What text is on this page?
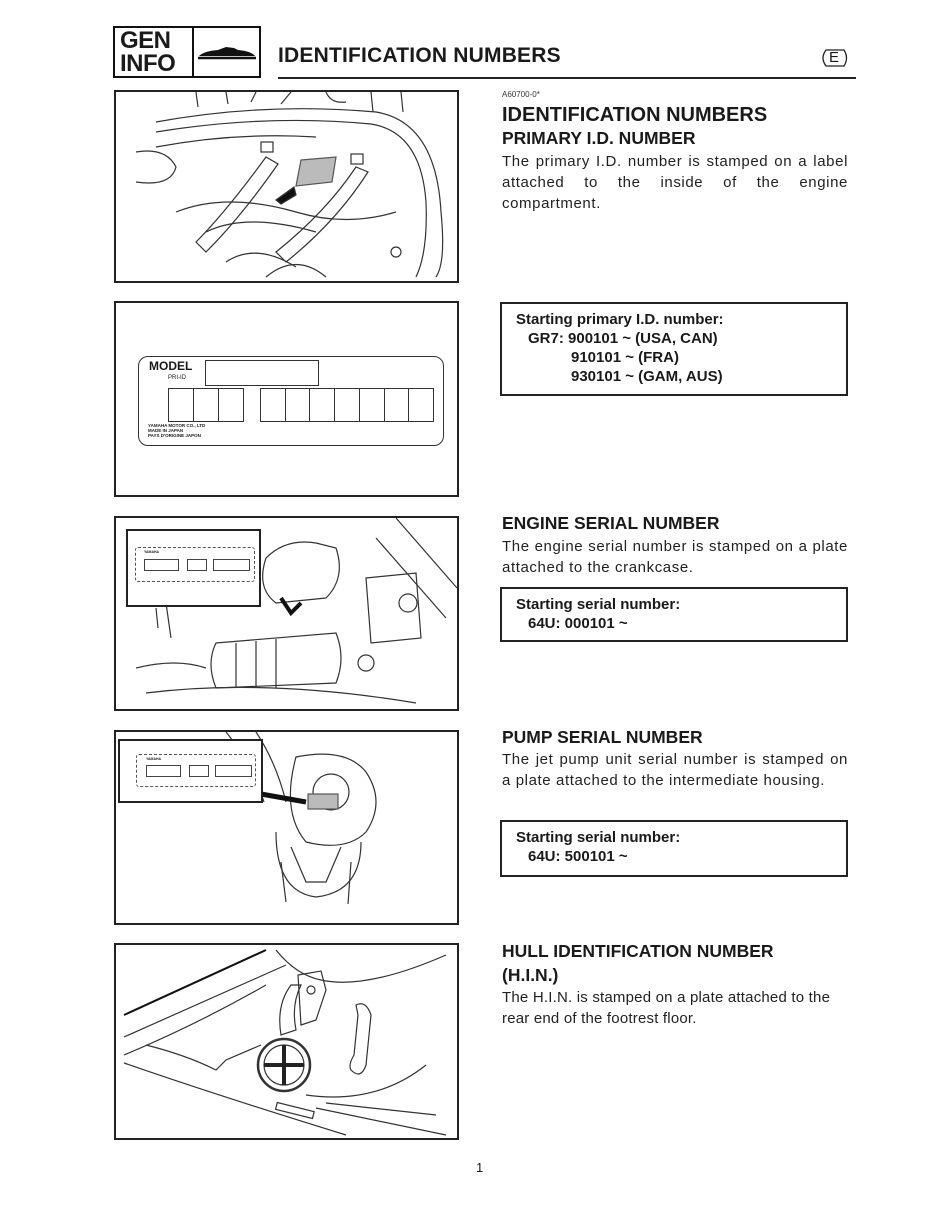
GEN
INFO	IDENTIFICATION NUMBERS	E
A60700-0*
IDENTIFICATION NUMBERS
PRIMARY I.D. NUMBER
The primary I.D. number is stamped on a label attached to the inside of the engine compartment.
Starting primary I.D. number:
GR7: 900101 ~ (USA, CAN)
910101 ~ (FRA)
930101 ~ (GAM, AUS)
ENGINE SERIAL NUMBER
The engine serial number is stamped on a plate attached to the crankcase.
Starting serial number:
64U: 000101 ~
PUMP SERIAL NUMBER
The jet pump unit serial number is stamped on a plate attached to the intermediate housing.
Starting serial number:
64U: 500101 ~
HULL IDENTIFICATION NUMBER
(H.I.N.)
The H.I.N. is stamped on a plate attached to the rear end of the footrest floor.
MODEL
PRI-ID
YAMAHA MOTOR CO., LTD
MADE IN JAPAN
PAYS D'ORIGINE JAPON
YAMAHA
YAMAHA
1
